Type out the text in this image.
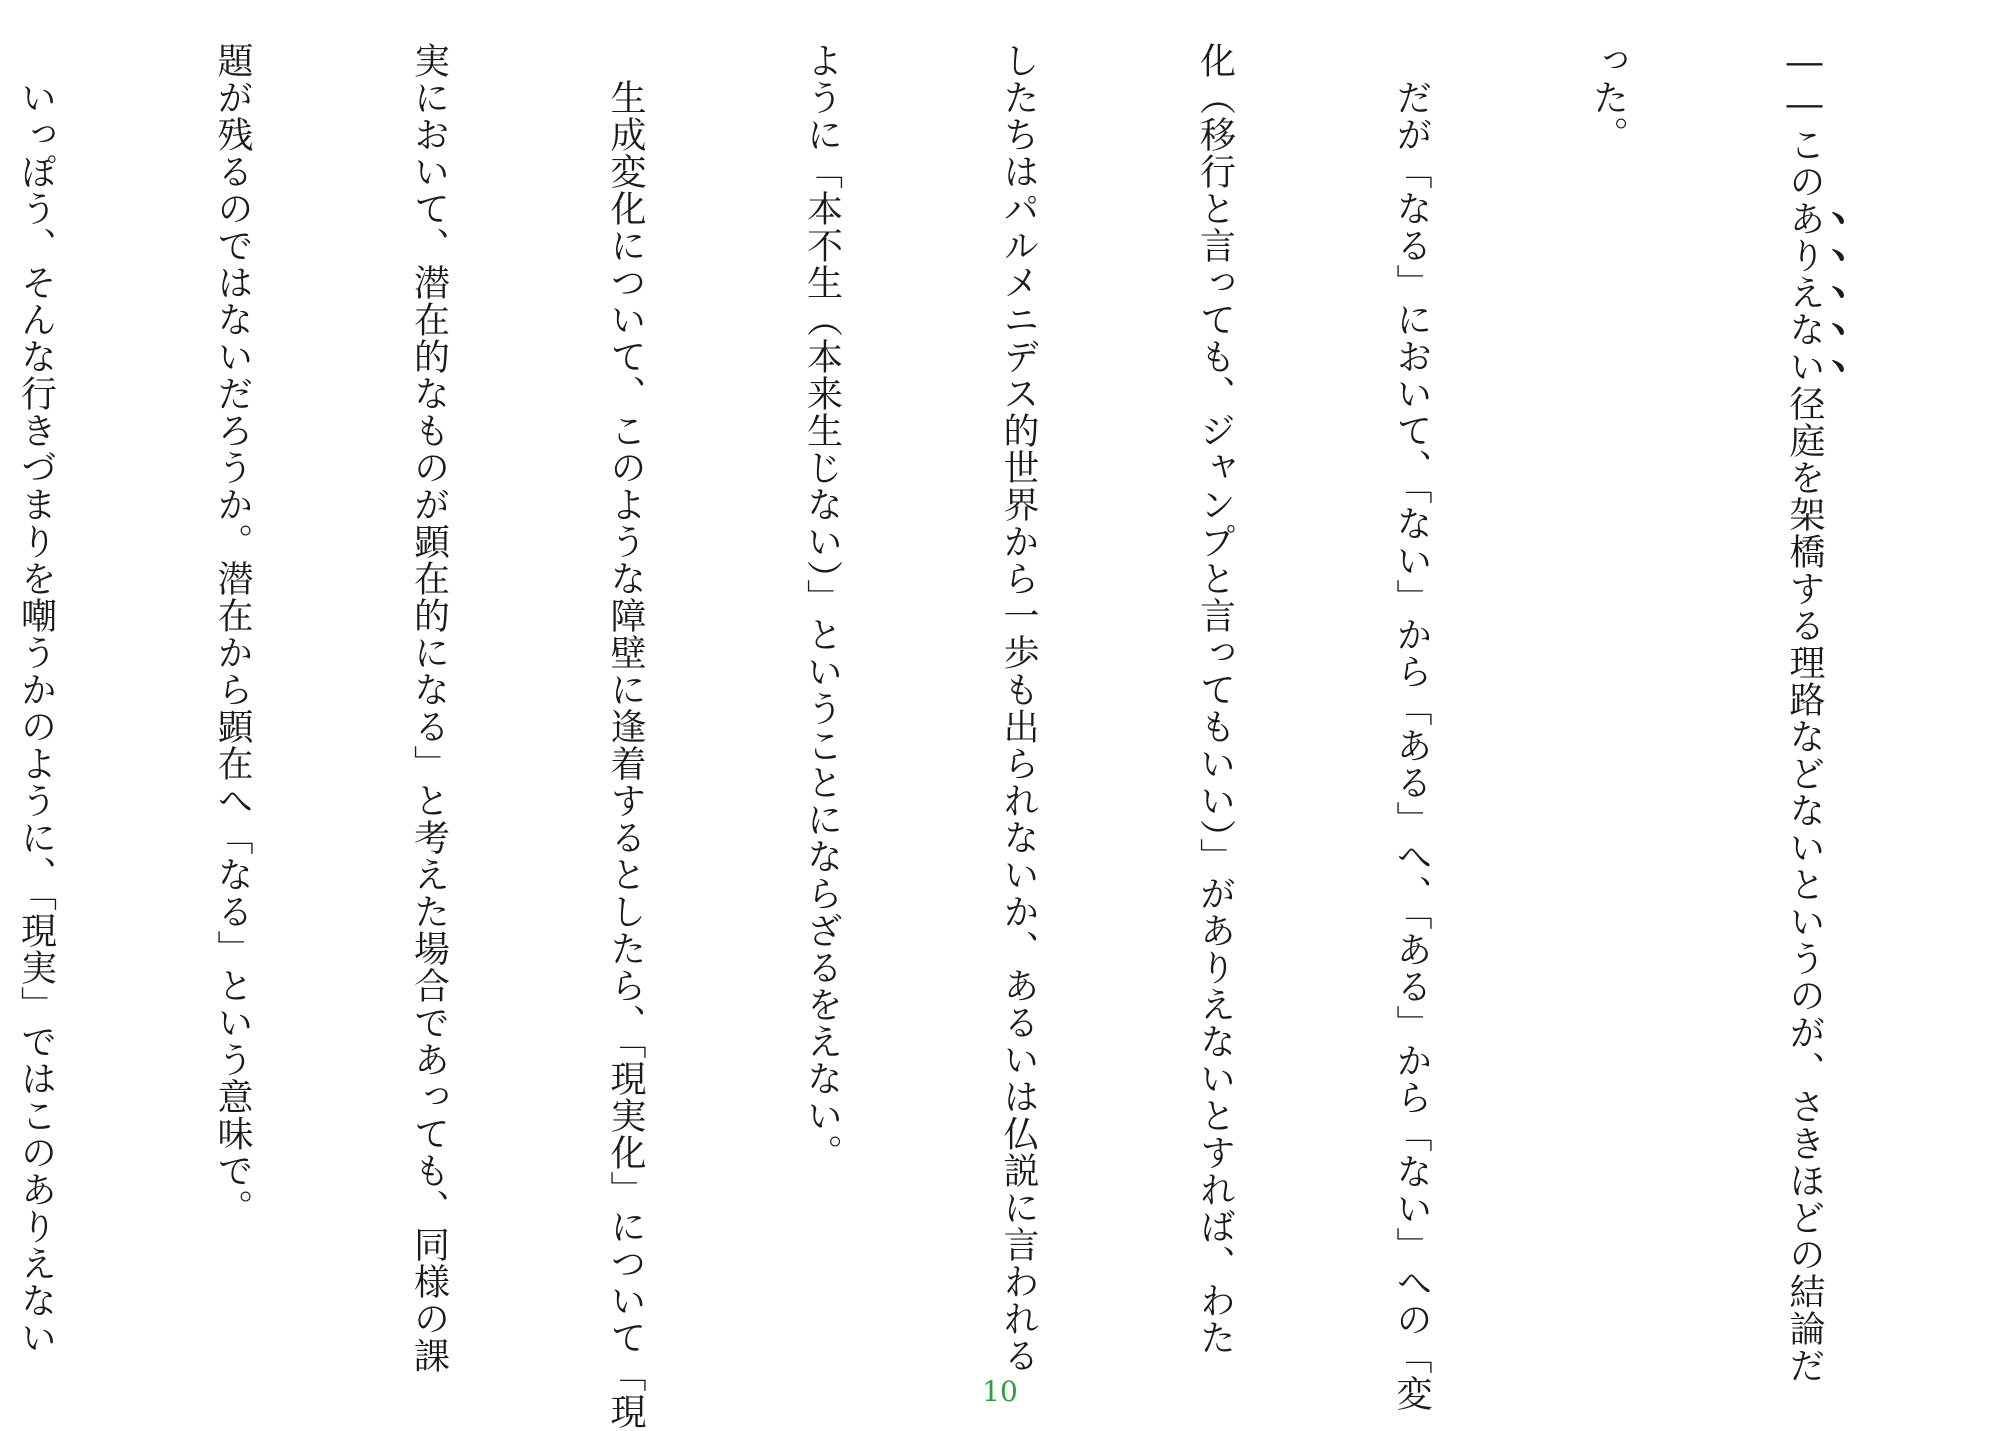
――このありえない径庭を架橋する理路などないというのが、さきほどの結論だ

った。

　だが「なる」において、「ない」から「ある」へ、「ある」から「ない」への「変

化（移行と言っても、ジャンプと言ってもいい）」がありえないとすれば、わた

したちはパルメニデス的世界から一歩も出られないか、あるいは仏説に言われる

ように「本不生（本来生じない）」ということにならざるをえない。

　生成変化について、このような障壁に逢着するとしたら、「現実化」について「現

実において、潜在的なものが顕在的になる」と考えた場合であっても、同様の課

題が残るのではないだろうか。潜在から顕在へ「なる」という意味で。

　いっぽう、そんな行きづまりを嘲うかのように、「現実」ではこのありえない

10
